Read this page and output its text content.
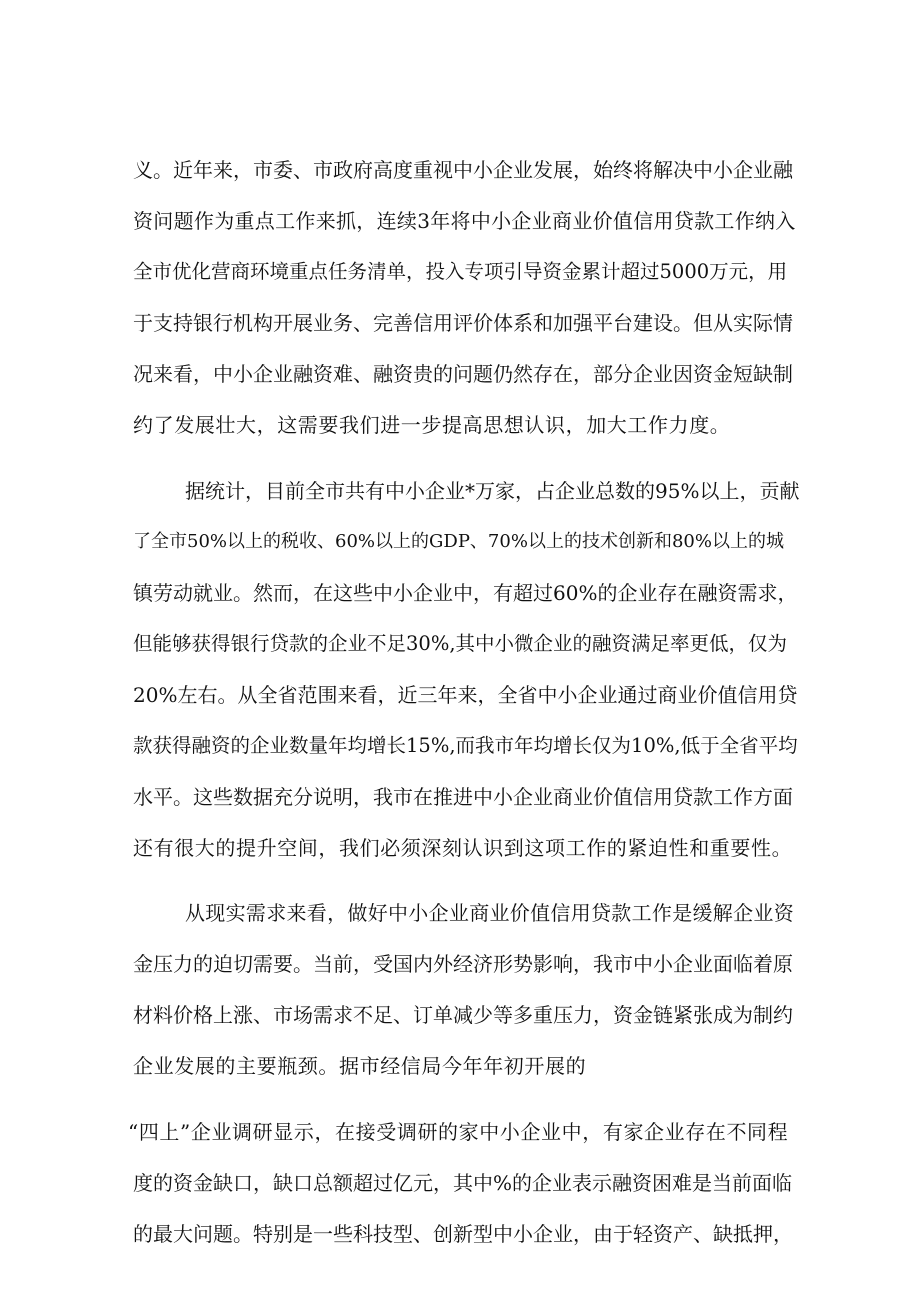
义。近年来，市委、市政府高度重视中小企业发展，始终将解决中小企业融
资问题作为重点工作来抓，连续3年将中小企业商业价值信用贷款工作纳入
全市优化营商环境重点任务清单，投入专项引导资金累计超过5000万元，用
于支持银行机构开展业务、完善信用评价体系和加强平台建设。但从实际情
况来看，中小企业融资难、融资贵的问题仍然存在，部分企业因资金短缺制
约了发展壮大，这需要我们进一步提高思想认识，加大工作力度。
据统计，目前全市共有中小企业*万家，占企业总数的95%以上，贡献
了全市50%以上的税收、60%以上的GDP、70%以上的技术创新和80%以上的城
镇劳动就业。然而，在这些中小企业中，有超过60%的企业存在融资需求，
但能够获得银行贷款的企业不足30%,其中小微企业的融资满足率更低，仅为
20%左右。从全省范围来看，近三年来，全省中小企业通过商业价值信用贷
款获得融资的企业数量年均增长15%,而我市年均增长仅为10%,低于全省平均
水平。这些数据充分说明，我市在推进中小企业商业价值信用贷款工作方面
还有很大的提升空间，我们必须深刻认识到这项工作的紧迫性和重要性。
从现实需求来看，做好中小企业商业价值信用贷款工作是缓解企业资
金压力的迫切需要。当前，受国内外经济形势影响，我市中小企业面临着原
材料价格上涨、市场需求不足、订单减少等多重压力，资金链紧张成为制约
企业发展的主要瓶颈。据市经信局今年年初开展的
“四上”企业调研显示，在接受调研的家中小企业中，有家企业存在不同程
度的资金缺口，缺口总额超过亿元，其中%的企业表示融资困难是当前面临
的最大问题。特别是一些科技型、创新型中小企业，由于轻资产、缺抵押，
